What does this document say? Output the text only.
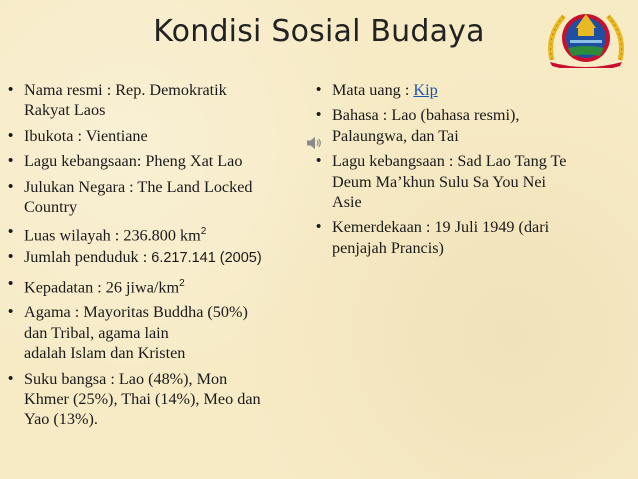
Kondisi Sosial Budaya
• Nama resmi : Rep. Demokratik
Rakyat Laos
• Ibukota : Vientiane
• Lagu kebangsaan: Pheng Xat Lao
• Julukan Negara : The Land Locked
Country
• Luas wilayah : 236.800 $km^2$
• Jumlah penduduk : 6.217.141 (2005)
• Kepadatan : 26 jiwa/$km^2$
• Agama : Mayoritas Buddha (50%)
dan Tribal, agama lain
adalah Islam dan Kristen
• Suku bangsa : Lao (48%), Mon
Khmer (25%), Thai (14%), Meo dan
Yao (13%).
• Mata uang : Kip
• Bahasa : Lao (bahasa resmi),
Palaungwa, dan Tai
• Lagu kebangsaan : Sad Lao Tang Te
Deum Ma’khun Sulu Sa You Nei
Asie
• Kemerdekaan : 19 Juli 1949 (dari
penjajah Prancis)
